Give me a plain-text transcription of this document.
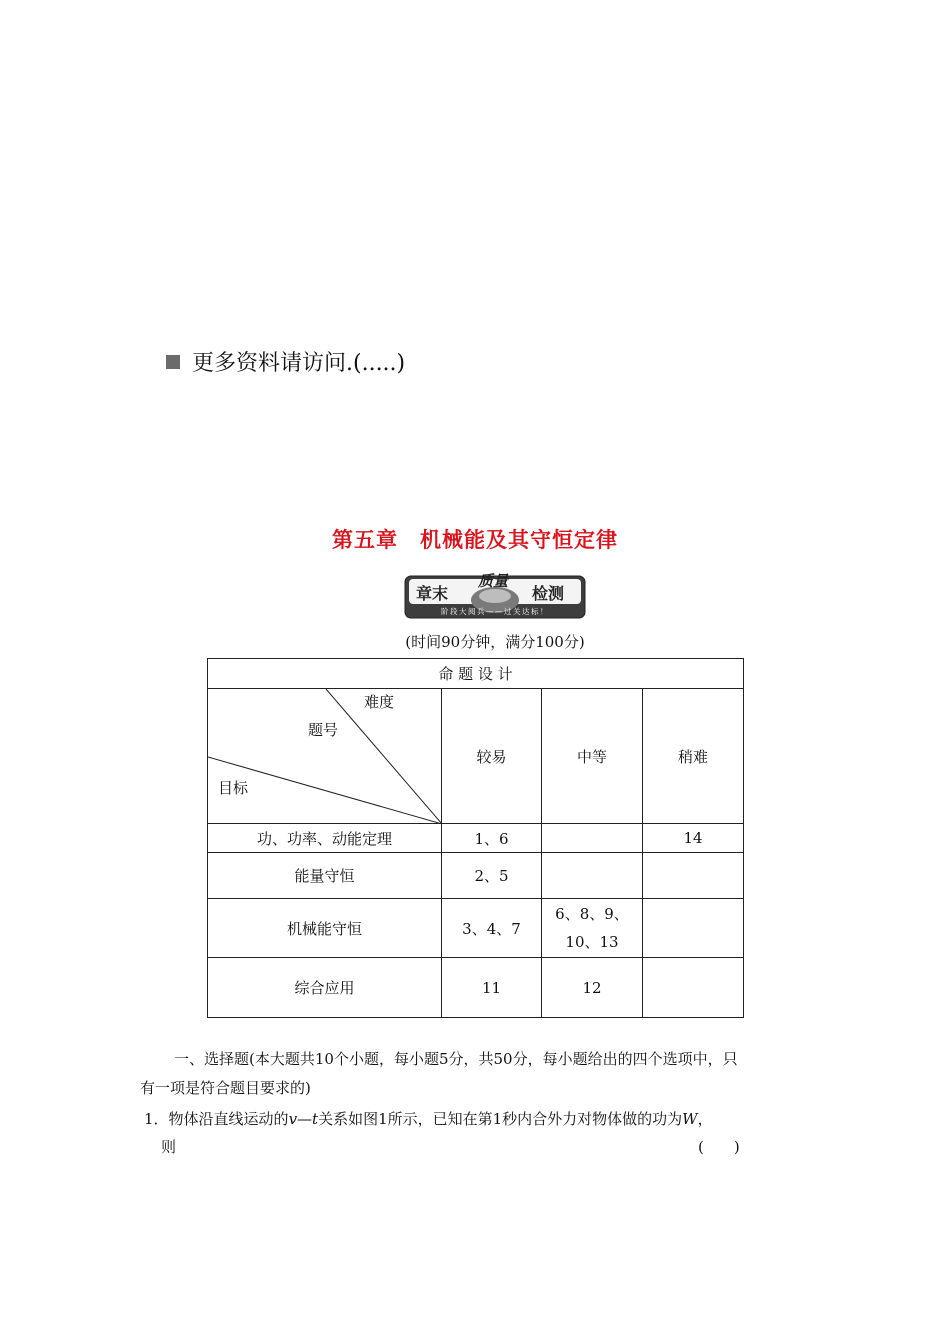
更多资料请访问.(.....)
第五章　机械能及其守恒定律
章末
质量
检测
阶段大阅兵——过关达标！
(时间90分钟，满分100分)
命 题 设 计			

难度
题号
目标	较易	中等	稍难
功、功率、动能定理	1、6		14
能量守恒	2、5		
机械能守恒	3、4、7	6、8、9、
10、13	

综合应用	11	12	
一、选择题(本大题共10个小题，每小题5分，共50分，每小题给出的四个选项中，只
有一项是符合题目要求的)
1．物体沿直线运动的v—t关系如图1所示，已知在第1秒内合外力对物体做的功为W，
则	(　　)
